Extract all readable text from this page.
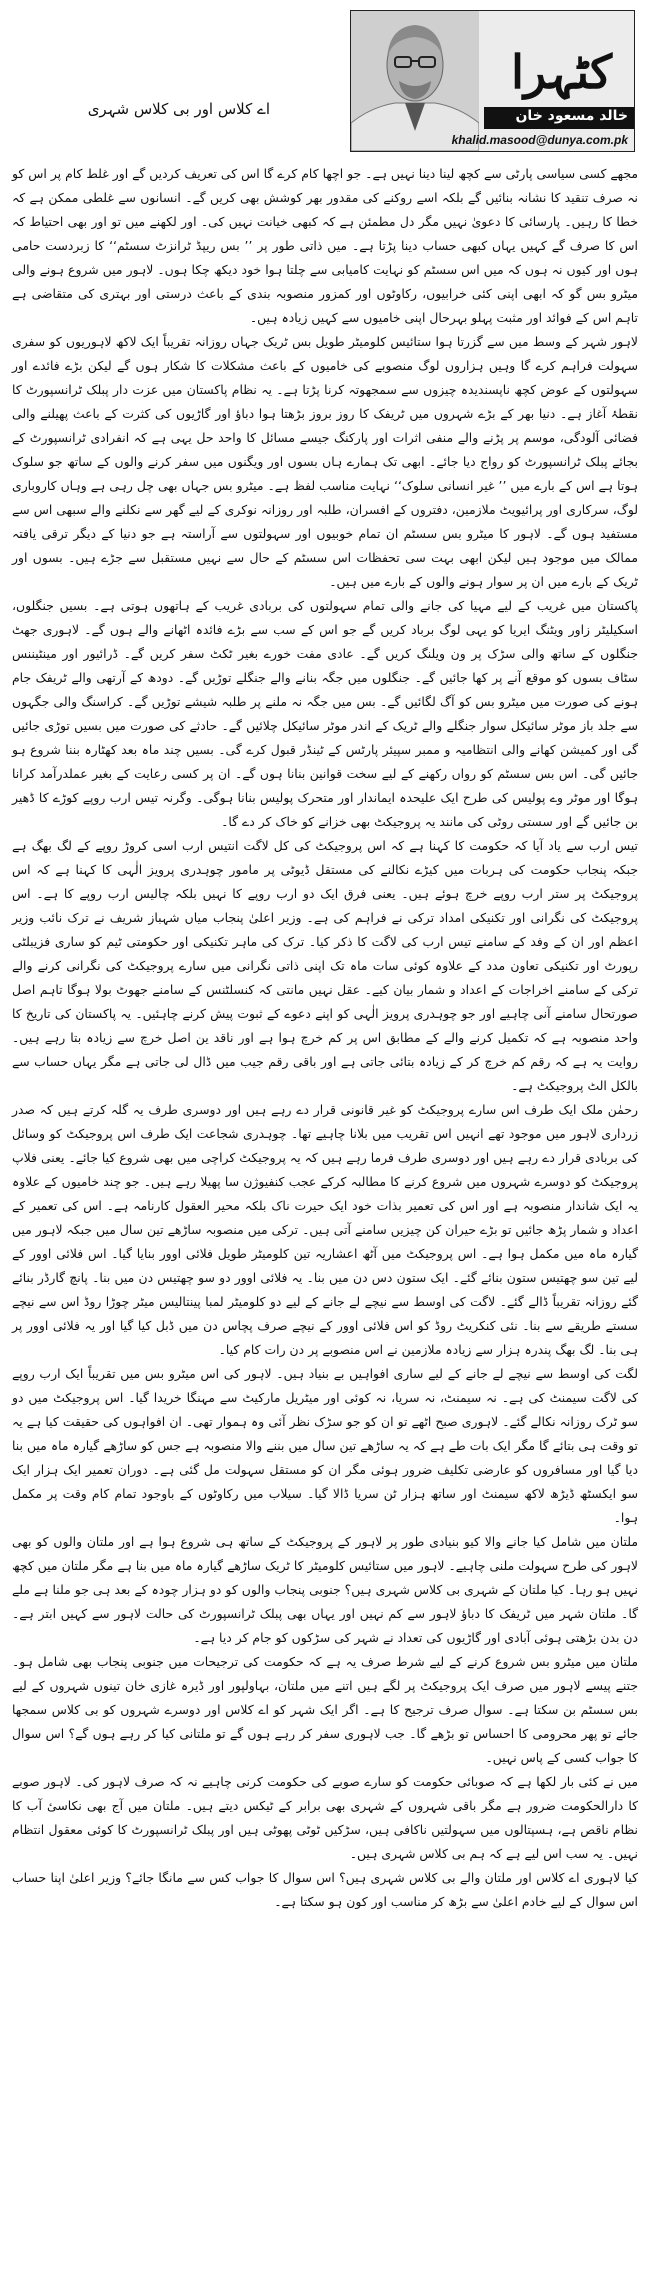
کٹہرا
خالد مسعود خان
khalid.masood@dunya.com.pk
اے کلاس اور بی کلاس شہری

مجھے کسی سیاسی پارٹی سے کچھ لینا دینا نہیں ہے۔ جو اچھا کام کرے گا اس کی تعریف کردیں گے اور غلط کام پر اس کو نہ صرف تنقید کا نشانہ بنائیں گے بلکہ اسے روکنے کی مقدور بھر کوشش بھی کریں گے۔ انسانوں سے غلطی ممکن ہے کہ خطا کا رہیں۔ پارسائی کا دعویٰ نہیں مگر دل مطمئن ہے کہ کبھی خیانت نہیں کی۔ اور لکھنے میں تو اور بھی احتیاط کہ اس کا صرف گے کہیں یہاں کبھی حساب دینا پڑتا ہے۔ میں ذاتی طور پر ’’ بس ریپڈ ٹرانزٹ سسٹم‘‘ کا زبردست حامی ہوں اور کیوں نہ ہوں کہ میں اس سسٹم کو نہایت کامیابی سے چلتا ہوا خود دیکھ چکا ہوں۔ لاہور میں شروع ہونے والی میٹرو بس گو کہ ابھی اپنی کئی خرابیوں، رکاوٹوں اور کمزور منصوبہ بندی کے باعث درستی اور بہتری کی متقاضی ہے تاہم اس کے فوائد اور مثبت پہلو بہرحال اپنی خامیوں سے کہیں زیادہ ہیں۔

لاہور شہر کے وسط میں سے گزرتا ہوا ستائیس کلومیٹر طویل بس ٹریک جہاں روزانہ تقریباً ایک لاکھ لاہوریوں کو سفری سہولت فراہم کرے گا وہیں ہزاروں لوگ منصوبے کی خامیوں کے باعث مشکلات کا شکار ہوں گے لیکن بڑے فائدے اور سہولتوں کے عوض کچھ ناپسندیدہ چیزوں سے سمجھوتہ کرنا پڑتا ہے۔ یہ نظام پاکستان میں عزت دار پبلک ٹرانسپورٹ کا نقطۂ آغاز ہے۔ دنیا بھر کے بڑے شہروں میں ٹریفک کا روز بروز بڑھتا ہوا دباؤ اور گاڑیوں کی کثرت کے باعث پھیلنے والی فضائی آلودگی، موسم پر پڑنے والے منفی اثرات اور پارکنگ جیسے مسائل کا واحد حل یہی ہے کہ انفرادی ٹرانسپورٹ کے بجائے پبلک ٹرانسپورٹ کو رواج دیا جائے۔ ابھی تک ہمارے ہاں بسوں اور ویگنوں میں سفر کرنے والوں کے ساتھ جو سلوک ہوتا ہے اس کے بارے میں ’’ غیر انسانی سلوک‘‘ نہایت مناسب لفظ ہے۔ میٹرو بس جہاں بھی چل رہی ہے وہاں کاروباری لوگ، سرکاری اور پرائیویٹ ملازمین، دفتروں کے افسران، طلبہ اور روزانہ نوکری کے لیے گھر سے نکلنے والے سبھی اس سے مستفید ہوں گے۔ لاہور کا میٹرو بس سسٹم ان تمام خوبیوں اور سہولتوں سے آراستہ ہے جو دنیا کے دیگر ترقی یافتہ ممالک میں موجود ہیں لیکن ابھی بہت سی تحفظات اس سسٹم کے حال سے نہیں مستقبل سے جڑے ہیں۔ بسوں اور ٹریک کے بارے میں ان پر سوار ہونے والوں کے بارے میں ہیں۔

پاکستان میں غریب کے لیے مہیا کی جانے والی تمام سہولتوں کی بربادی غریب کے ہاتھوں ہوتی ہے۔ بسیں جنگلوں، اسکیلیٹر زاور ویٹنگ ایریا کو یہی لوگ برباد کریں گے جو اس کے سب سے بڑے فائدہ اٹھانے والے ہوں گے۔ لاہوری جھٹ جنگلوں کے ساتھ والی سڑک پر ون ویلنگ کریں گے۔ عادی مفت خورے بغیر ٹکٹ سفر کریں گے۔ ڈرائیور اور مینٹیننس سٹاف بسوں کو موقع آنے پر کھا جائیں گے۔ جنگلوں میں جگہ بنانے والے جنگلے توڑیں گے۔ دودھ کے آرتھی والے ٹریفک جام ہونے کی صورت میں میٹرو بس کو آگ لگائیں گے۔ بس میں جگہ نہ ملنے پر طلبہ شیشے توڑیں گے۔ کراسنگ والی جگہوں سے جلد باز موٹر سائیکل سوار جنگلے والے ٹریک کے اندر موٹر سائیکل چلائیں گے۔ حادثے کی صورت میں بسیں توڑی جائیں گی اور کمیشن کھانے والی انتظامیہ و ممبر سپیئر پارٹس کے ٹینڈر قبول کرے گی۔ بسیں چند ماہ بعد کھٹارہ بننا شروع ہو جائیں گی۔ اس بس سسٹم کو رواں رکھنے کے لیے سخت قوانین بنانا ہوں گے۔ ان پر کسی رعایت کے بغیر عملدرآمد کرانا ہوگا اور موٹر وے پولیس کی طرح ایک علیحدہ ایماندار اور متحرک پولیس بنانا ہوگی۔ وگرنہ تیس ارب روپے کوڑے کا ڈھیر بن جائیں گے اور سستی روٹی کی مانند یہ پروجیکٹ بھی خزانے کو خاک کر دے گا۔

تیس ارب سے یاد آیا کہ حکومت کا کہنا ہے کہ اس پروجیکٹ کی کل لاگت انتیس ارب اسی کروڑ روپے کے لگ بھگ ہے جبکہ پنجاب حکومت کی ہربات میں کیڑے نکالنے کی مستقل ڈیوٹی پر مامور چوہدری پرویز الٰہی کا کہنا ہے کہ اس پروجیکٹ پر ستر ارب روپے خرچ ہوئے ہیں۔ یعنی فرق ایک دو ارب روپے کا نہیں بلکہ چالیس ارب روپے کا ہے۔ اس پروجیکٹ کی نگرانی اور تکنیکی امداد ترکی نے فراہم کی ہے۔ وزیر اعلیٰ پنجاب میاں شہباز شریف نے ترک نائب وزیر اعظم اور ان کے وفد کے سامنے تیس ارب کی لاگت کا ذکر کیا۔ ترک کی ماہر تکنیکی اور حکومتی ٹیم کو ساری فزیبلٹی رپورٹ اور تکنیکی تعاون مدد کے علاوہ کوئی سات ماہ تک اپنی ذاتی نگرانی میں سارے پروجیکٹ کی نگرانی کرنے والے ترکی کے سامنے اخراجات کے اعداد و شمار بیان کیے۔ عقل نہیں مانتی کہ کنسلٹنس کے سامنے جھوٹ بولا ہوگا تاہم اصل صورتحال سامنے آنی چاہیے اور جو چوہدری پرویز الٰہی کو اپنے دعوے کے ثبوت پیش کرنے چاہئیں۔ یہ پاکستان کی تاریخ کا واحد منصوبہ ہے کہ تکمیل کرنے والے کے مطابق اس پر کم خرچ ہوا ہے اور ناقد ین اصل خرچ سے زیادہ بتا رہے ہیں۔ روایت یہ ہے کہ رقم کم خرچ کر کے زیادہ بتائی جاتی ہے اور باقی رقم جیب میں ڈال لی جاتی ہے مگر یہاں حساب سے بالکل الٹ پروجیکٹ ہے۔

رحمٰن ملک ایک طرف اس سارے پروجیکٹ کو غیر قانونی قرار دے رہے ہیں اور دوسری طرف یہ گلہ کرتے ہیں کہ صدر زرداری لاہور میں موجود تھے انہیں اس تقریب میں بلانا چاہیے تھا۔ چوہدری شجاعت ایک طرف اس پروجیکٹ کو وسائل کی بربادی قرار دے رہے ہیں اور دوسری طرف فرما رہے ہیں کہ یہ پروجیکٹ کراچی میں بھی شروع کیا جائے۔ یعنی فلاپ پروجیکٹ کو دوسرے شہروں میں شروع کرنے کا مطالبہ کرکے عجب کنفیوژن سا پھیلا رہے ہیں۔ جو چند خامیوں کے علاوہ یہ ایک شاندار منصوبہ ہے اور اس کی تعمیر بذات خود ایک حیرت ناک بلکہ محیر العقول کارنامہ ہے۔ اس کی تعمیر کے اعداد و شمار پڑھ جائیں تو بڑے حیران کن چیزیں سامنے آتی ہیں۔ ترکی میں منصوبہ ساڑھے تین سال میں جبکہ لاہور میں گیارہ ماہ میں مکمل ہوا ہے۔ اس پروجیکٹ میں آٹھ اعشاریہ تین کلومیٹر طویل فلائی اوور بنایا گیا۔ اس فلائی اوور کے لیے تین سو چھتیس ستون بنائے گئے۔ ایک ستون دس دن میں بنا۔ یہ فلائی اوور دو سو چھتیس دن میں بنا۔ پانچ گارڈر بنائے گئے روزانہ تقریباً ڈالے گئے۔ لاگت کی اوسط سے نیچے لے جانے کے لیے دو کلومیٹر لمبا پینتالیس میٹر چوڑا روڈ اس سے نیچے سستے طریقے سے بنا۔ نئی کنکریٹ روڈ کو اس فلائی اوور کے نیچے صرف پچاس دن میں ڈبل کیا گیا اور یہ فلائی اوور پر ہی بنا۔ لگ بھگ پندرہ ہزار سے زیادہ ملازمین نے اس منصوبے پر دن رات کام کیا۔

لگت کی اوسط سے نیچے لے جانے کے لیے ساری افواہیں بے بنیاد ہیں۔ لاہور کی اس میٹرو بس میں تقریباً ایک ارب روپے کی لاگت سیمنٹ کی ہے۔ نہ سیمنٹ، نہ سریا، نہ کوئی اور میٹریل مارکیٹ سے مہنگا خریدا گیا۔ اس پروجیکٹ میں دو سو ٹرک روزانہ نکالے گئے۔ لاہوری صبح اٹھے تو ان کو جو سڑک نظر آئی وہ ہموار تھی۔ ان افواہوں کی حقیقت کیا ہے یہ تو وقت ہی بتائے گا مگر ایک بات طے ہے کہ یہ ساڑھے تین سال میں بننے والا منصوبہ ہے جس کو ساڑھے گیارہ ماہ میں بنا دیا گیا اور مسافروں کو عارضی تکلیف ضرور ہوئی مگر ان کو مستقل سہولت مل گئی ہے۔ دوران تعمیر ایک ہزار ایک سو ایکسٹھ ڈیڑھ لاکھ سیمنٹ اور ساتھ ہزار ٹن سریا ڈالا گیا۔ سیلاب میں رکاوٹوں کے باوجود تمام کام وقت پر مکمل ہوا۔

ملتان میں شامل کیا جانے والا کیو بنیادی طور پر لاہور کے پروجیکٹ کے ساتھ ہی شروع ہوا ہے اور ملتان والوں کو بھی لاہور کی طرح سہولت ملنی چاہیے۔ لاہور میں ستائیس کلومیٹر کا ٹریک ساڑھے گیارہ ماہ میں بنا ہے مگر ملتان میں کچھ نہیں ہو رہا۔ کیا ملتان کے شہری بی کلاس شہری ہیں؟ جنوبی پنجاب والوں کو دو ہزار چودہ کے بعد ہی جو ملنا ہے ملے گا۔ ملتان شہر میں ٹریفک کا دباؤ لاہور سے کم نہیں اور یہاں بھی پبلک ٹرانسپورٹ کی حالت لاہور سے کہیں ابتر ہے۔ دن بدن بڑھتی ہوئی آبادی اور گاڑیوں کی تعداد نے شہر کی سڑکوں کو جام کر دیا ہے۔

ملتان میں میٹرو بس شروع کرنے کے لیے شرط صرف یہ ہے کہ حکومت کی ترجیحات میں جنوبی پنجاب بھی شامل ہو۔ جتنے پیسے لاہور میں صرف ایک پروجیکٹ پر لگے ہیں اتنے میں ملتان، بہاولپور اور ڈیرہ غازی خان تینوں شہروں کے لیے بس سسٹم بن سکتا ہے۔ سوال صرف ترجیح کا ہے۔ اگر ایک شہر کو اے کلاس اور دوسرے شہروں کو بی کلاس سمجھا جائے تو پھر محرومی کا احساس تو بڑھے گا۔ جب لاہوری سفر کر رہے ہوں گے تو ملتانی کیا کر رہے ہوں گے؟ اس سوال کا جواب کسی کے پاس نہیں۔

میں نے کئی بار لکھا ہے کہ صوبائی حکومت کو سارے صوبے کی حکومت کرنی چاہیے نہ کہ صرف لاہور کی۔ لاہور صوبے کا دارالحکومت ضرور ہے مگر باقی شہروں کے شہری بھی برابر کے ٹیکس دیتے ہیں۔ ملتان میں آج بھی نکاسیٔ آب کا نظام ناقص ہے، ہسپتالوں میں سہولتیں ناکافی ہیں، سڑکیں ٹوٹی پھوٹی ہیں اور پبلک ٹرانسپورٹ کا کوئی معقول انتظام نہیں۔ یہ سب اس لیے ہے کہ ہم بی کلاس شہری ہیں۔

کیا لاہوری اے کلاس اور ملتان والے بی کلاس شہری ہیں؟ اس سوال کا جواب کس سے مانگا جائے؟ وزیر اعلیٰ اپنا حساب اس سوال کے لیے خادم اعلیٰ سے بڑھ کر مناسب اور کون ہو سکتا ہے۔
